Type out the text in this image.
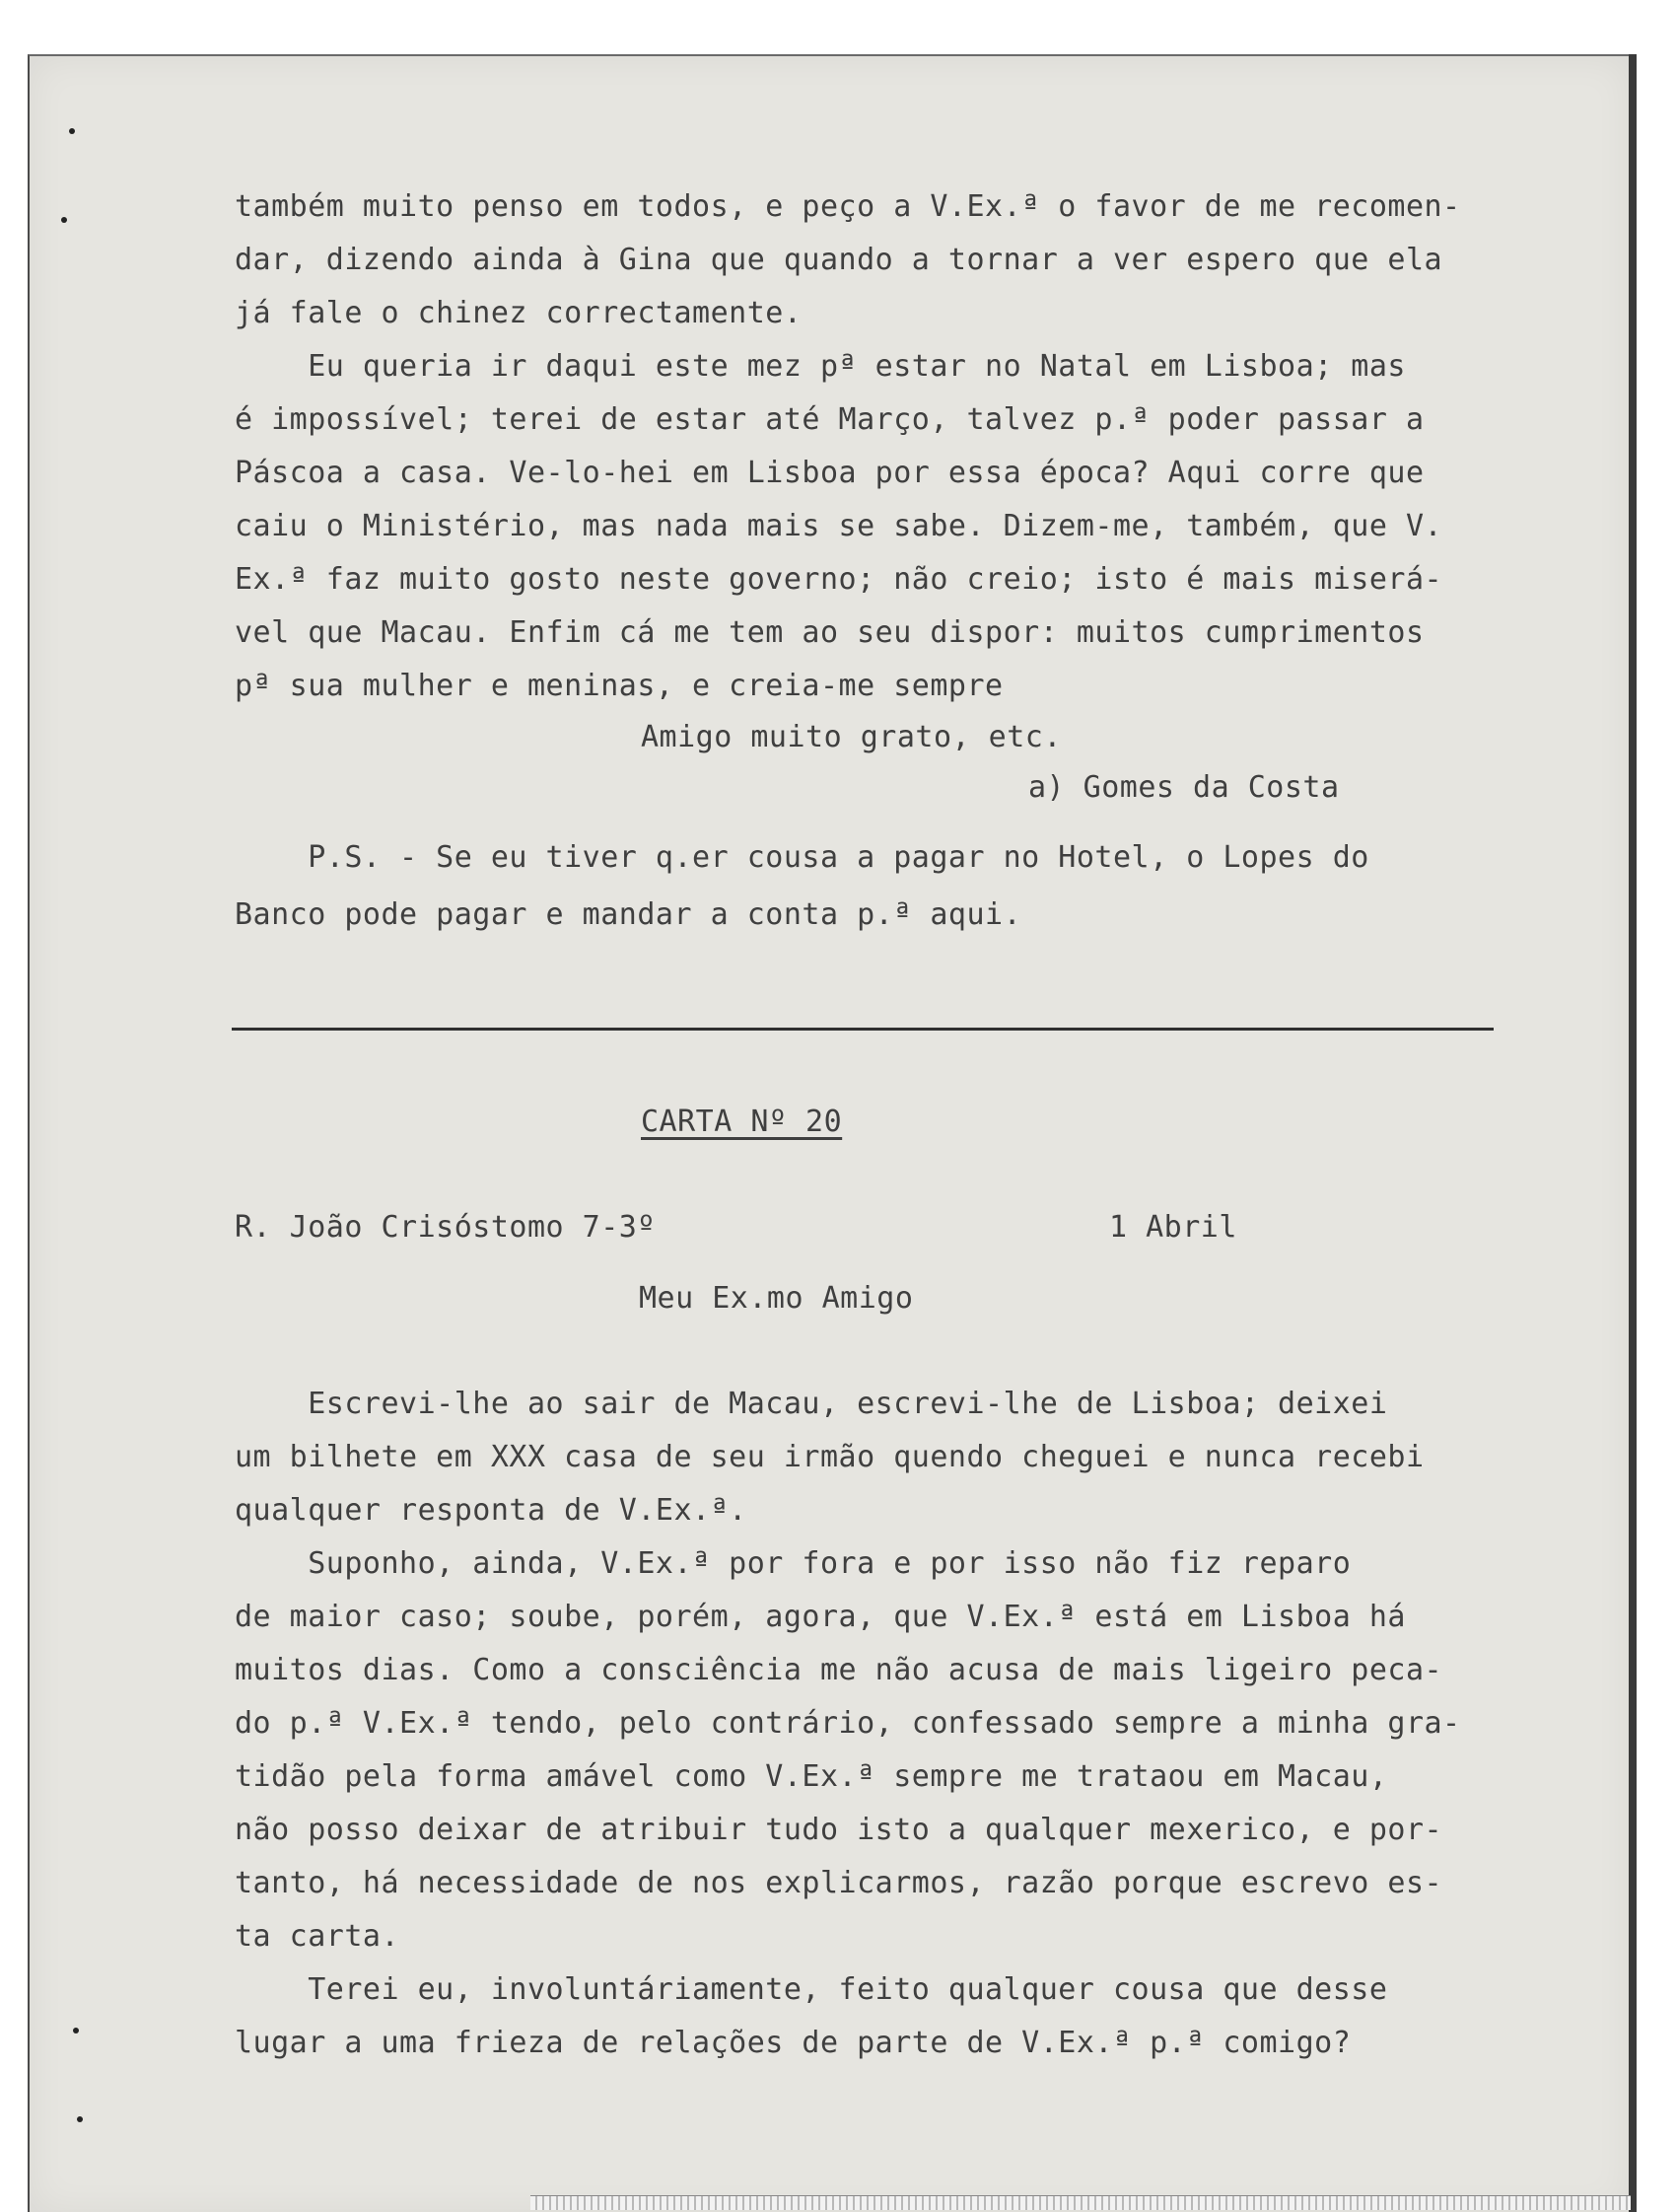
também muito penso em todos, e peço a V.Ex.ª o favor de me recomen-
dar, dizendo ainda à Gina que quando a tornar a ver espero que ela
já fale o chinez correctamente.
Eu queria ir daqui este mez pª estar no Natal em Lisboa; mas
é impossível; terei de estar até Março, talvez p.ª poder passar a
Páscoa a casa. Ve-lo-hei em Lisboa por essa época? Aqui corre que
caiu o Ministério, mas nada mais se sabe. Dizem-me, também, que V.
Ex.ª faz muito gosto neste governo; não creio; isto é mais miserá-
vel que Macau. Enfim cá me tem ao seu dispor: muitos cumprimentos
pª sua mulher e meninas, e creia-me sempre
Amigo muito grato, etc.
a) Gomes da Costa
P.S. - Se eu tiver q.er cousa a pagar no Hotel, o Lopes do
Banco pode pagar e mandar a conta p.ª aqui.
CARTA Nº 20
R. João Crisóstomo 7-3º	1 Abril
Meu Ex.mo Amigo
Escrevi-lhe ao sair de Macau, escrevi-lhe de Lisboa; deixei
um bilhete em XXX casa de seu irmão quendo cheguei e nunca recebi
qualquer responta de V.Ex.ª.
Suponho, ainda, V.Ex.ª por fora e por isso não fiz reparo
de maior caso; soube, porém, agora, que V.Ex.ª está em Lisboa há
muitos dias. Como a consciência me não acusa de mais ligeiro peca-
do p.ª V.Ex.ª tendo, pelo contrário, confessado sempre a minha gra-
tidão pela forma amável como V.Ex.ª sempre me trataou em Macau,
não posso deixar de atribuir tudo isto a qualquer mexerico, e por-
tanto, há necessidade de nos explicarmos, razão porque escrevo es-
ta carta.
Terei eu, involuntáriamente, feito qualquer cousa que desse
lugar a uma frieza de relações de parte de V.Ex.ª p.ª comigo?
